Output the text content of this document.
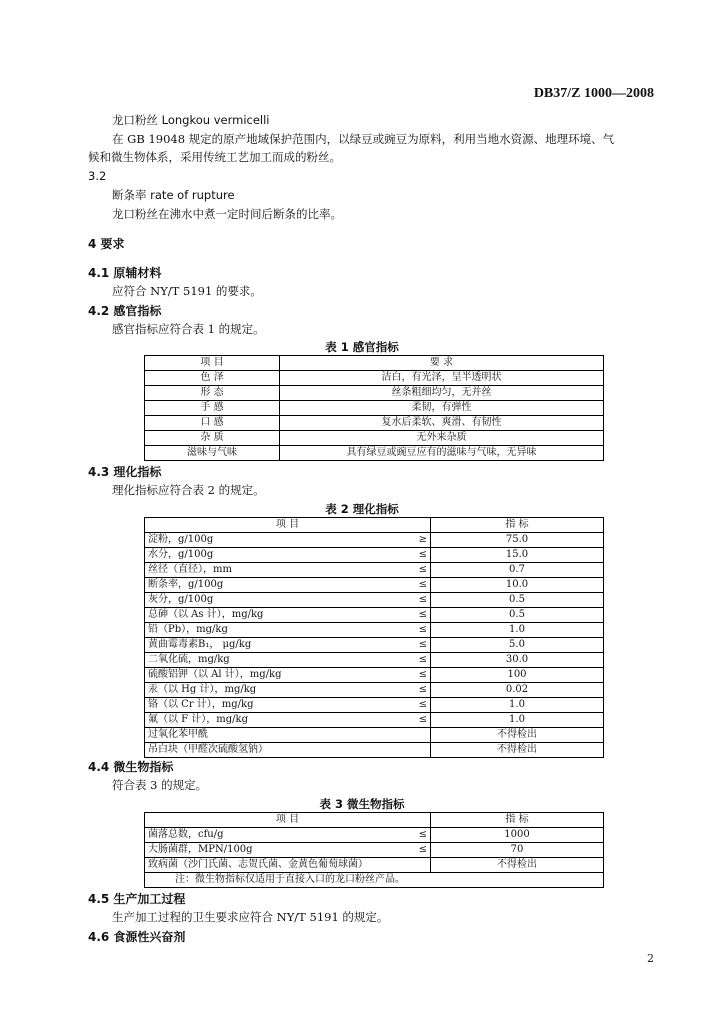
DB37/Z 1000—2008
龙口粉丝 Longkou vermicelli
在 GB 19048 规定的原产地域保护范围内，以绿豆或豌豆为原料，利用当地水资源、地理环境、气
候和微生物体系，采用传统工艺加工而成的粉丝。
3.2
断条率 rate of rupture
龙口粉丝在沸水中煮一定时间后断条的比率。
4 要求
4.1 原辅材料
应符合 NY/T 5191 的要求。
4.2 感官指标
感官指标应符合表 1 的规定。
表 1 感官指标
项 目	要 求
色 泽	洁白，有光泽，呈半透明状
形 态	丝条粗细均匀，无并丝
手 感	柔韧，有弹性
口 感	复水后柔软、爽滑、有韧性
杂 质	无外来杂质
滋味与气味	具有绿豆或豌豆应有的滋味与气味，无异味
4.3 理化指标
理化指标应符合表 2 的规定。
表 2 理化指标
项 目		指 标
淀粉，g/100g	≥	75.0
水分，g/100g	≤	15.0
丝径（直径），mm	≤	0.7
断条率，g/100g	≤	10.0
灰分，g/100g	≤	0.5
总砷（以 As 计），mg/kg	≤	0.5
铅（Pb），mg/kg	≤	1.0
黄曲霉毒素B₁， μg/kg	≤	5.0
二氧化硫，mg/kg	≤	30.0
硫酸铝钾（以 Al 计），mg/kg	≤	100
汞（以 Hg 计），mg/kg	≤	0.02
铬（以 Cr 计），mg/kg	≤	1.0
氟（以 F 计），mg/kg	≤	1.0
过氧化苯甲酰		不得检出
吊白块（甲醛次硫酸氢钠）		不得检出
4.4 微生物指标
符合表 3 的规定。
表 3 微生物指标
项 目		指 标
菌落总数，cfu/g	≤	1000
大肠菌群，MPN/100g	≤	70
致病菌（沙门氏菌、志贺氏菌、金黄色葡萄球菌）		不得检出
注：微生物指标仅适用于直接入口的龙口粉丝产品。		
4.5 生产加工过程
生产加工过程的卫生要求应符合 NY/T 5191 的规定。
4.6 食源性兴奋剂
2
